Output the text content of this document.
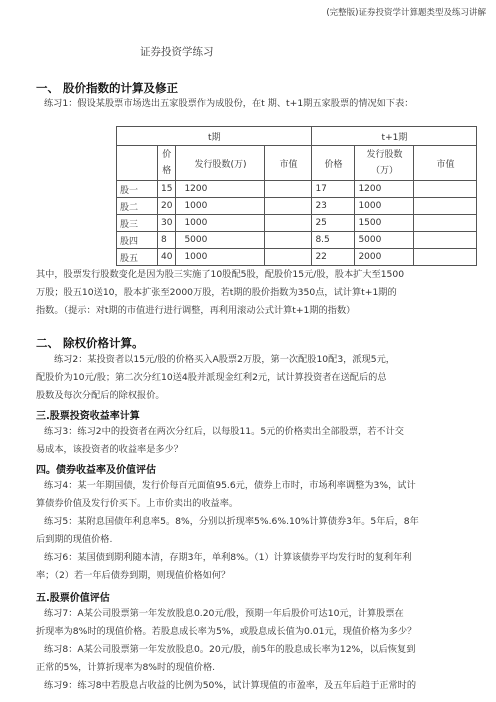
(完整版)证券投资学计算题类型及练习讲解
证券投资学练习
一、 股价指数的计算及修正
练习1：假设某股票市场选出五家股票作为成股份，在t 期、t+1期五家股票的情况如下表：
t期				t+1期		
	价格	发行股数(万)	市值	价格	发行股数（万）	市值
股一	15	1200		17	1200	
股二	20	1000		23	1000	
股三	30	1000		25	1500	
股四	8	5000		8.5	5000	
股五	40	1000		22	2000	
其中，股票发行股数变化是因为股三实施了10股配5股，配股价15元/股，股本扩大至1500
万股；股五10送10，股本扩张至2000万股，若t期的股价指数为350点，试计算t+1期的
指数。（提示：对t期的市值进行进行调整，再利用滚动公式计算t+1期的指数）
二、 除权价格计算。
练习2：某投资者以15元/股的价格买入A股票2万股，第一次配股10配3，派现5元，
配股价为10元/股；第二次分红10送4股并派现金红利2元，试计算投资者在送配后的总
股数及每次分配后的除权报价。
三.股票投资收益率计算
练习3：练习2中的投资者在两次分红后，以每股11。5元的价格卖出全部股票，若不计交
易成本，该投资者的收益率是多少？
四。债券收益率及价值评估
练习4：某一年期国债，发行价每百元面值95.6元，债券上市时，市场利率调整为3%，试计
算债券价值及发行价买下。上市价卖出的收益率。
练习5：某附息国债年利息率5。8%，分别以折现率5%.6%.10%计算债券3年。5年后，8年
后到期的现值价格.
练习6：某国债到期利随本清，存期3年，单利8%。（1）计算该债券平均发行时的复利年利
率；（2）若一年后债券到期，则现值价格如何？
五.股票价值评估
练习7：A某公司股票第一年发放股息0.20元/股，预期一年后股价可达10元，计算股票在
折现率为8%时的现值价格。若股息成长率为5%，或股息成长值为0.01元，现值价格为多少？
练习8：A某公司股票第一年发放股息0。20元/股，前5年的股息成长率为12%，以后恢复到
正常的5%，计算折现率为8%时的现值价格.
练习9：练习8中若股息占收益的比例为50%，试计算现值的市盈率，及五年后趋于正常时的
